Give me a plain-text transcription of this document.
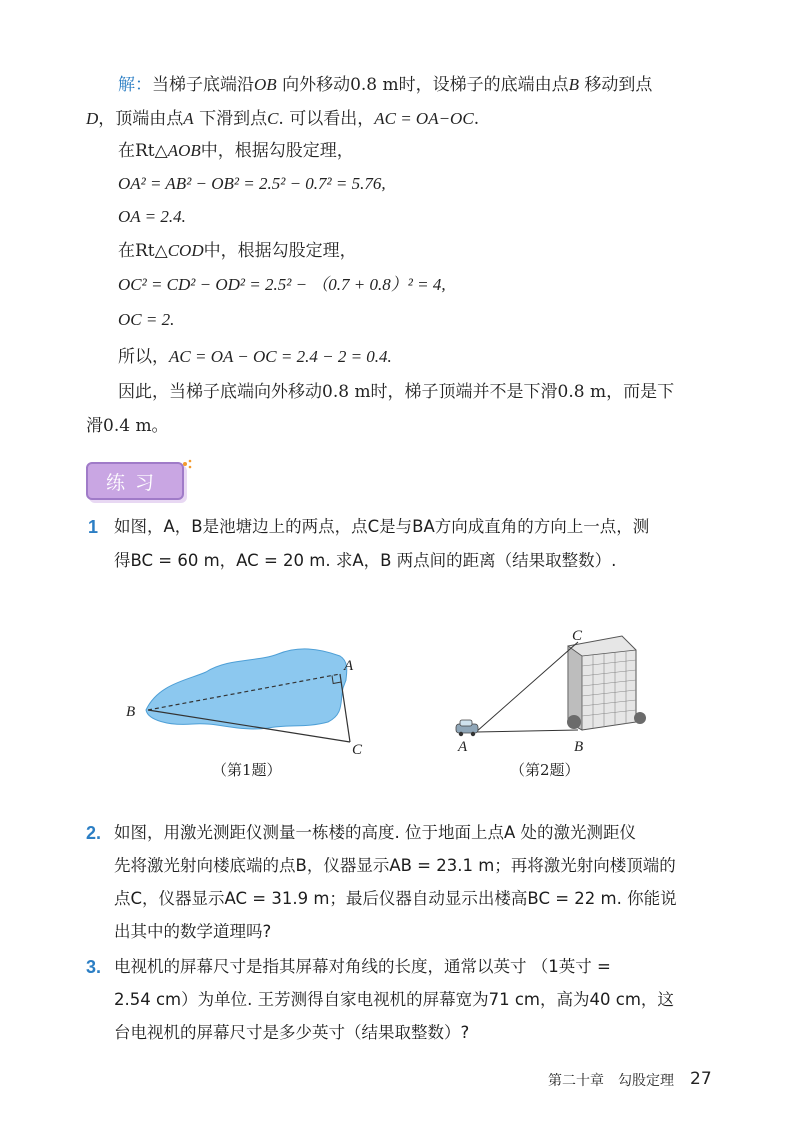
解：当梯子底端沿OB 向外移动0.8 m时，设梯子的底端由点B 移动到点
D，顶端由点A 下滑到点C. 可以看出，AC = OA−OC.
在Rt△AOB中，根据勾股定理，
OA² = AB² − OB² = 2.5² − 0.7² = 5.76,
OA = 2.4.
在Rt△COD中，根据勾股定理，
OC² = CD² − OD² = 2.5² − （0.7 + 0.8）² = 4,
OC = 2.
所以，AC = OA − OC = 2.4 − 2 = 0.4.
因此，当梯子底端向外移动0.8 m时，梯子顶端并不是下滑0.8 m，而是下
滑0.4 m。
练习
1 如图，A，B是池塘边上的两点，点C是与BA方向成直角的方向上一点，测
得BC = 60 m，AC = 20 m. 求A，B 两点间的距离（结果取整数）.
A
B
C
（第1题）
A	B
C
（第2题）
2. 如图，用激光测距仪测量一栋楼的高度. 位于地面上点A 处的激光测距仪
先将激光射向楼底端的点B，仪器显示AB = 23.1 m；再将激光射向楼顶端的
点C，仪器显示AC = 31.9 m；最后仪器自动显示出楼高BC = 22 m. 你能说
出其中的数学道理吗?
3. 电视机的屏幕尺寸是指其屏幕对角线的长度，通常以英寸 （1英寸 =
2.54 cm）为单位. 王芳测得自家电视机的屏幕宽为71 cm，高为40 cm，这
台电视机的屏幕尺寸是多少英寸（结果取整数）?
第二十章　勾股定理 27
